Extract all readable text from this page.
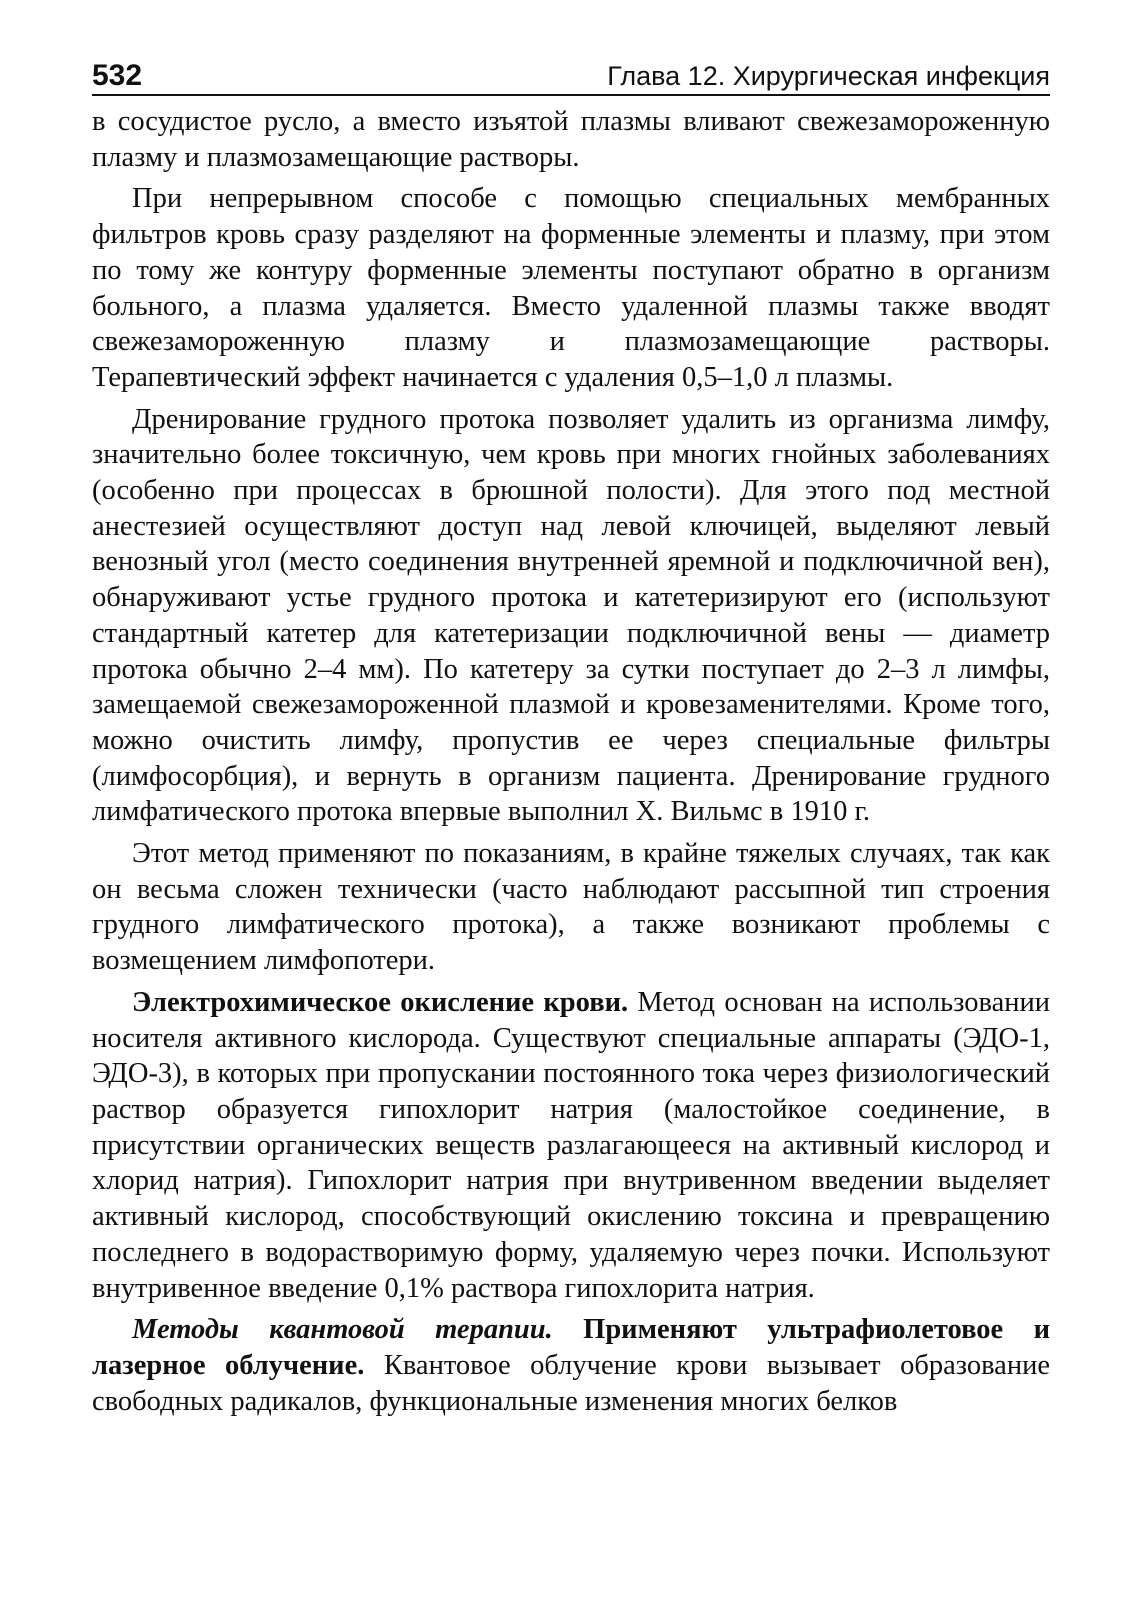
532	Глава 12. Хирургическая инфекция

в сосудистое русло, а вместо изъятой плазмы вливают свежезамороженную плазму и плазмозамещающие растворы.

При непрерывном способе с помощью специальных мембранных фильтров кровь сразу разделяют на форменные элементы и плазму, при этом по тому же контуру форменные элементы поступают обратно в организм больного, а плазма удаляется. Вместо удаленной плазмы также вводят свежезамороженную плазму и плазмозамещающие растворы. Терапевтический эффект начинается с удаления 0,5–1,0 л плазмы.

Дренирование грудного протока позволяет удалить из организма лимфу, значительно более токсичную, чем кровь при многих гнойных заболеваниях (особенно при процессах в брюшной полости). Для этого под местной анестезией осуществляют доступ над левой ключицей, выделяют левый венозный угол (место соединения внутренней яремной и подключичной вен), обнаруживают устье грудного протока и катетеризируют его (используют стандартный катетер для катетеризации подключичной вены — диаметр протока обычно 2–4 мм). По катетеру за сутки поступает до 2–3 л лимфы, замещаемой свежезамороженной плазмой и кровезаменителями. Кроме того, можно очистить лимфу, пропустив ее через специальные фильтры (лимфосорбция), и вернуть в организм пациента. Дренирование грудного лимфатического протока впервые выполнил Х. Вильмс в 1910 г.

Этот метод применяют по показаниям, в крайне тяжелых случаях, так как он весьма сложен технически (часто наблюдают рассыпной тип строения грудного лимфатического протока), а также возникают проблемы с возмещением лимфопотери.

Электрохимическое окисление крови. Метод основан на использовании носителя активного кислорода. Существуют специальные аппараты (ЭДО-1, ЭДО-3), в которых при пропускании постоянного тока через физиологический раствор образуется гипохлорит натрия (малостойкое соединение, в присутствии органических веществ разлагающееся на активный кислород и хлорид натрия). Гипохлорит натрия при внутривенном введении выделяет активный кислород, способствующий окислению токсина и превращению последнего в водорастворимую форму, удаляемую через почки. Используют внутривенное введение 0,1% раствора гипохлорита натрия.

Методы квантовой терапии. Применяют ультрафиолетовое и лазерное облучение. Квантовое облучение крови вызывает образование свободных радикалов, функциональные изменения многих белков
